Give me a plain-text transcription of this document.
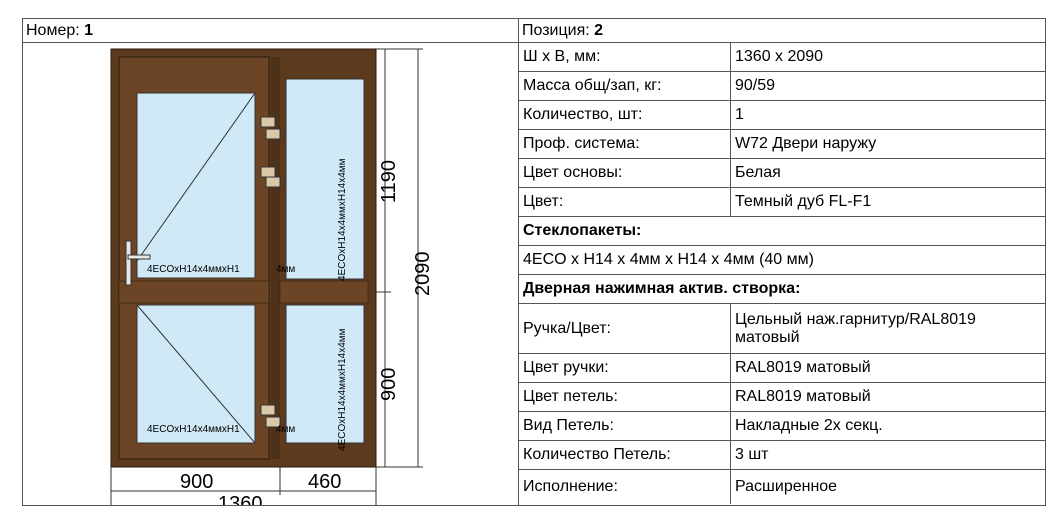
Номер: 1	Позиция: 2
4ECOxH14x4ммxH1	4мм
4ECOxH14x4ммxH1	4мм
4ECOxH14x4ммxH14x4мм
4ECOxH14x4ммxH14x4мм
1190
900
2090
900	460
1360
Ш х В, мм:	1360 x 2090
Масса общ/зап, кг:	90/59
Количество, шт:	1
Проф. система:	W72 Двери наружу
Цвет основы:	Белая
Цвет:	Темный дуб FL-F1
Стеклопакеты:
4ECO x H14 x 4мм x H14 x 4мм (40 мм)
Дверная нажимная актив. створка:
Ручка/Цвет:
Цельный наж.гарнитур/RAL8019
матовый
Цвет ручки:	RAL8019 матовый
Цвет петель:	RAL8019 матовый
Вид Петель:	Накладные 2x секц.
Количество Петель:	3 шт
Исполнение:	Расширенное
